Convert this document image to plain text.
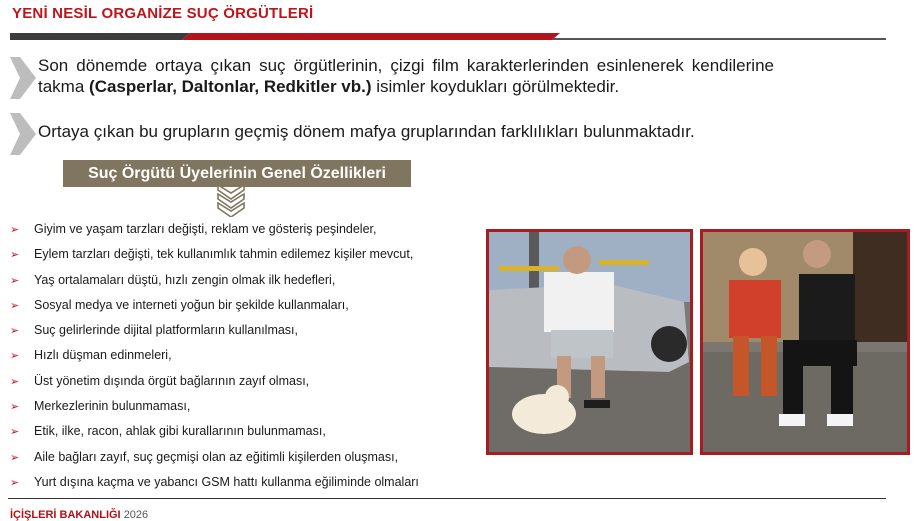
YENİ NESİL ORGANİZE SUÇ ÖRGÜTLERİ
Son dönemde ortaya çıkan suç örgütlerinin, çizgi film karakterlerinden esinlenerek kendilerine takma (Casperlar, Daltonlar, Redkitler vb.) isimler koydukları görülmektedir.
Ortaya çıkan bu grupların geçmiş dönem mafya gruplarından farklılıkları bulunmaktadır.
Suç Örgütü Üyelerinin Genel Özellikleri
➢ Giyim ve yaşam tarzları değişti, reklam ve gösteriş peşindeler,
➢ Eylem tarzları değişti, tek kullanımlık tahmin edilemez kişiler mevcut,
➢ Yaş ortalamaları düştü, hızlı zengin olmak ilk hedefleri,
➢ Sosyal medya ve interneti yoğun bir şekilde kullanmaları,
➢ Suç gelirlerinde dijital platformların kullanılması,
➢ Hızlı düşman edinmeleri,
➢ Üst yönetim dışında örgüt bağlarının zayıf olması,
➢ Merkezlerinin bulunmaması,
➢ Etik, ilke, racon, ahlak gibi kurallarının bulunmaması,
➢ Aile bağları zayıf, suç geçmişi olan az eğitimli kişilerden oluşması,
➢ Yurt dışına kaçma ve yabancı GSM hattı kullanma eğiliminde olmaları
İÇİŞLERİ BAKANLIĞI 2026
